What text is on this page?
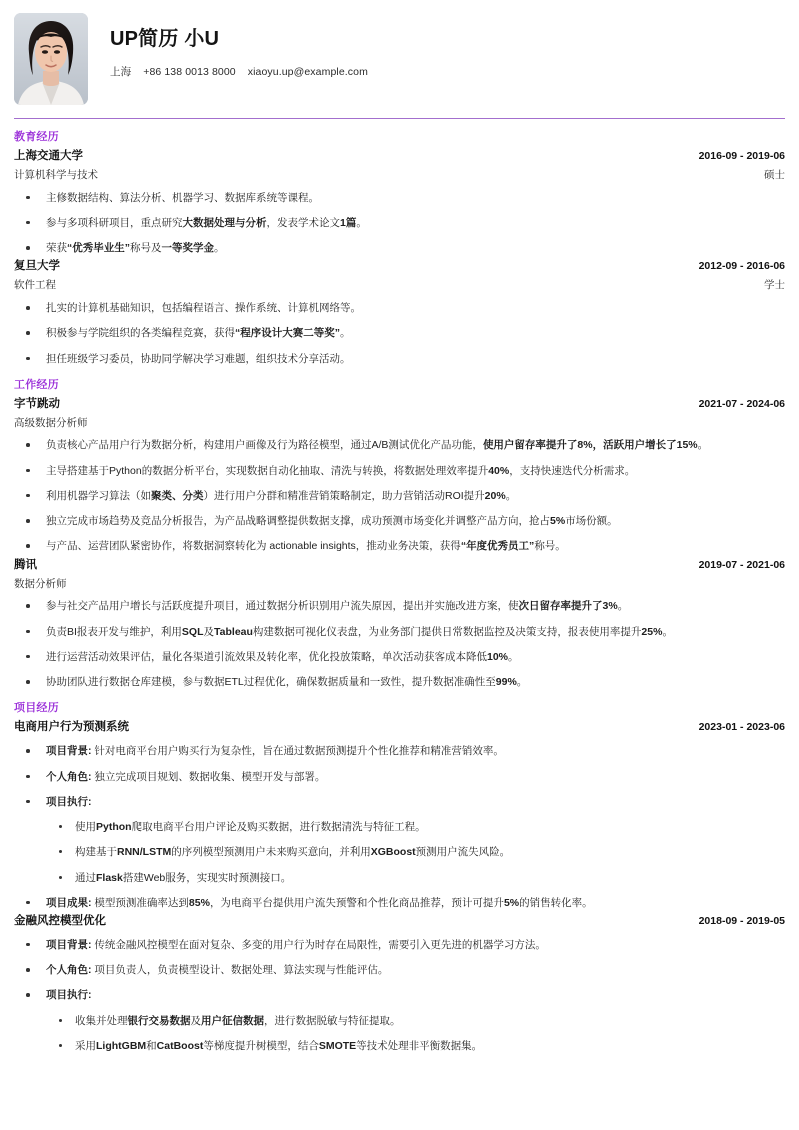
UP简历 小U
上海 +86 138 0013 8000 xiaoyu.up@example.com
教育经历
上海交通大学	2016-09 - 2019-06
计算机科学与技术	硕士
主修数据结构、算法分析、机器学习、数据库系统等课程。
参与多项科研项目，重点研究大数据处理与分析，发表学术论文1篇。
荣获“优秀毕业生”称号及一等奖学金。
复旦大学	2012-09 - 2016-06
软件工程	学士
扎实的计算机基础知识，包括编程语言、操作系统、计算机网络等。
积极参与学院组织的各类编程竞赛，获得“程序设计大赛二等奖”。
担任班级学习委员，协助同学解决学习难题，组织技术分享活动。
工作经历
字节跳动	2021-07 - 2024-06
高级数据分析师
负责核心产品用户行为数据分析，构建用户画像及行为路径模型，通过A/B测试优化产品功能，使用户留存率提升了8%，活跃用户增长了15%。
主导搭建基于Python的数据分析平台，实现数据自动化抽取、清洗与转换，将数据处理效率提升40%，支持快速迭代分析需求。
利用机器学习算法（如聚类、分类）进行用户分群和精准营销策略制定，助力营销活动ROI提升20%。
独立完成市场趋势及竞品分析报告，为产品战略调整提供数据支撑，成功预测市场变化并调整产品方向，抢占5%市场份额。
与产品、运营团队紧密协作，将数据洞察转化为 actionable insights，推动业务决策，获得“年度优秀员工”称号。
腾讯	2019-07 - 2021-06
数据分析师
参与社交产品用户增长与活跃度提升项目，通过数据分析识别用户流失原因，提出并实施改进方案，使次日留存率提升了3%。
负责BI报表开发与维护，利用SQL及Tableau构建数据可视化仪表盘，为业务部门提供日常数据监控及决策支持，报表使用率提升25%。
进行运营活动效果评估，量化各渠道引流效果及转化率，优化投放策略，单次活动获客成本降低10%。
协助团队进行数据仓库建模，参与数据ETL过程优化，确保数据质量和一致性，提升数据准确性至99%。
项目经历
电商用户行为预测系统	2023-01 - 2023-06
项目背景: 针对电商平台用户购买行为复杂性，旨在通过数据预测提升个性化推荐和精准营销效率。
个人角色: 独立完成项目规划、数据收集、模型开发与部署。
项目执行:
使用Python爬取电商平台用户评论及购买数据，进行数据清洗与特征工程。
构建基于RNN/LSTM的序列模型预测用户未来购买意向，并利用XGBoost预测用户流失风险。
通过Flask搭建Web服务，实现实时预测接口。
项目成果: 模型预测准确率达到85%，为电商平台提供用户流失预警和个性化商品推荐，预计可提升5%的销售转化率。
金融风控模型优化	2018-09 - 2019-05
项目背景: 传统金融风控模型在面对复杂、多变的用户行为时存在局限性，需要引入更先进的机器学习方法。
个人角色: 项目负责人，负责模型设计、数据处理、算法实现与性能评估。
项目执行:
收集并处理银行交易数据及用户征信数据，进行数据脱敏与特征提取。
采用LightGBM和CatBoost等梯度提升树模型，结合SMOTE等技术处理非平衡数据集。
